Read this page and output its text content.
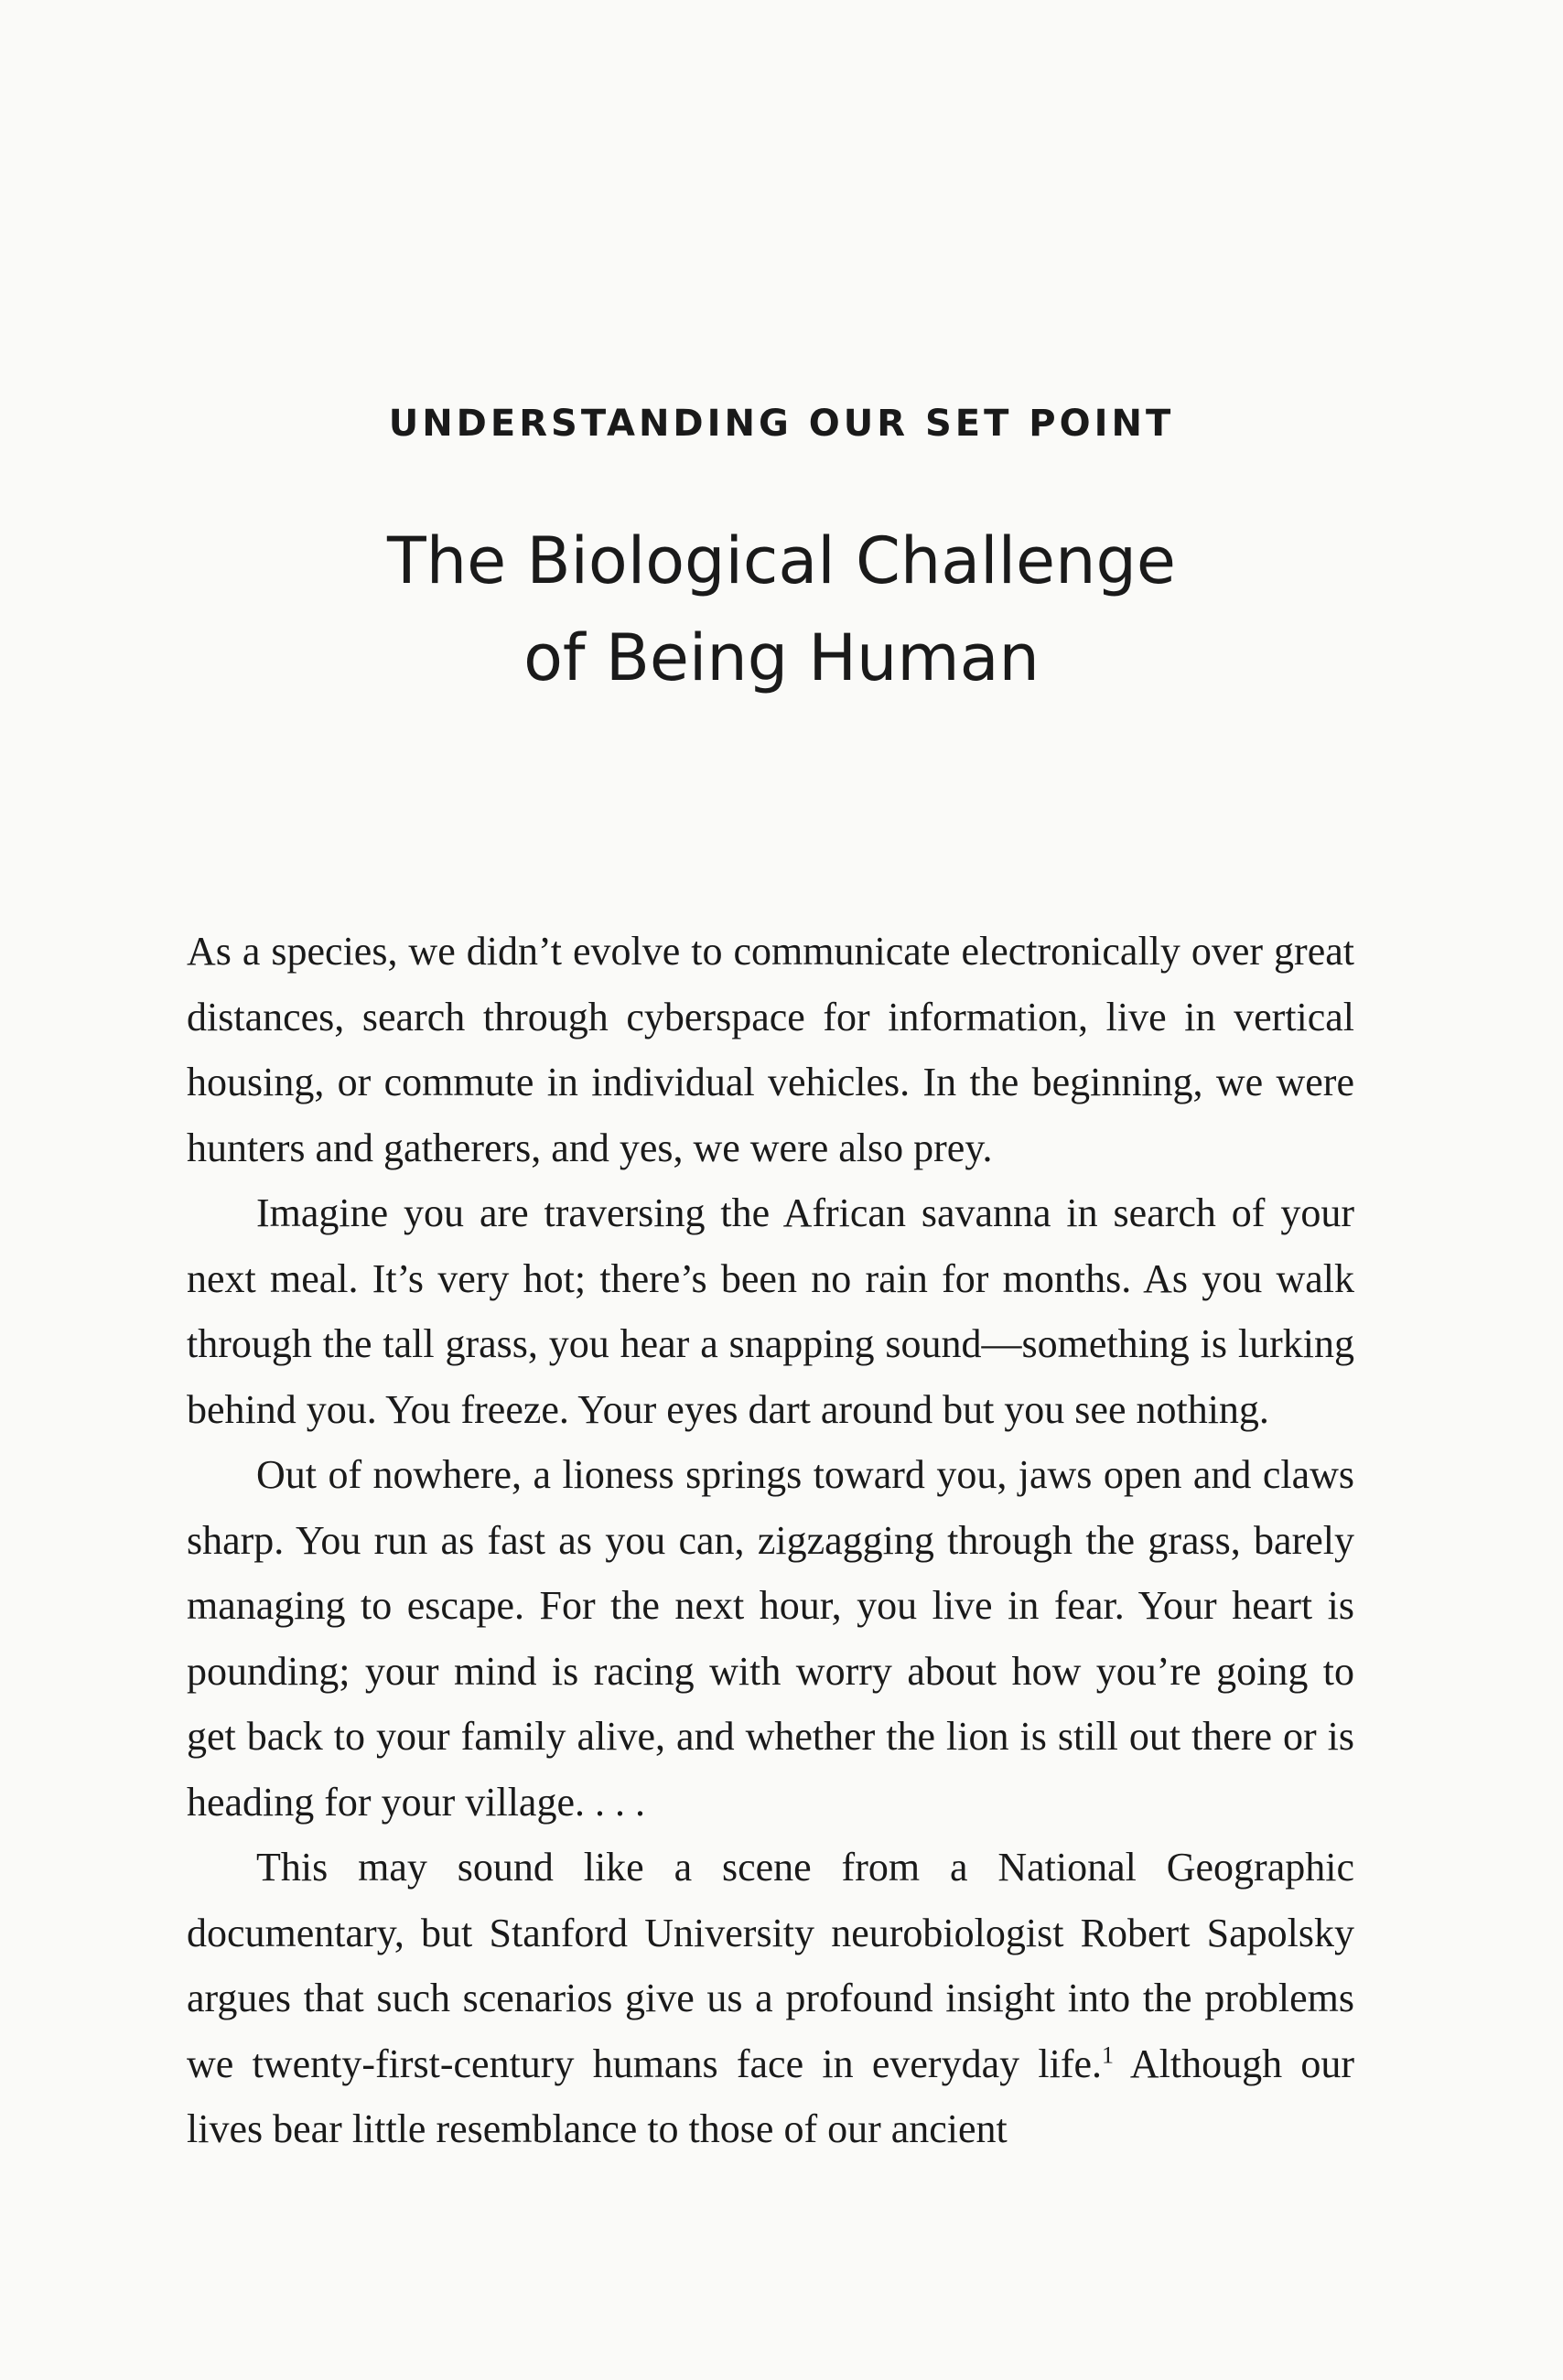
UNDERSTANDING OUR SET POINT
The Biological Challenge
of Being Human

As a species, we didn’t evolve to communicate electronically over great distances, search through cyberspace for information, live in vertical housing, or commute in individual vehicles. In the beginning, we were hunters and gatherers, and yes, we were also prey.

Imagine you are traversing the African savanna in search of your next meal. It’s very hot; there’s been no rain for months. As you walk through the tall grass, you hear a snapping sound—something is lurking behind you. You freeze. Your eyes dart around but you see nothing.

Out of nowhere, a lioness springs toward you, jaws open and claws sharp. You run as fast as you can, zigzagging through the grass, barely managing to escape. For the next hour, you live in fear. Your heart is pounding; your mind is racing with worry about how you’re going to get back to your family alive, and whether the lion is still out there or is heading for your village. . . .

This may sound like a scene from a National Geographic documentary, but Stanford University neurobiologist Robert Sapolsky argues that such scenarios give us a profound insight into the problems we twenty-first-century humans face in everyday life.$^1$ Although our lives bear little resemblance to those of our ancient
